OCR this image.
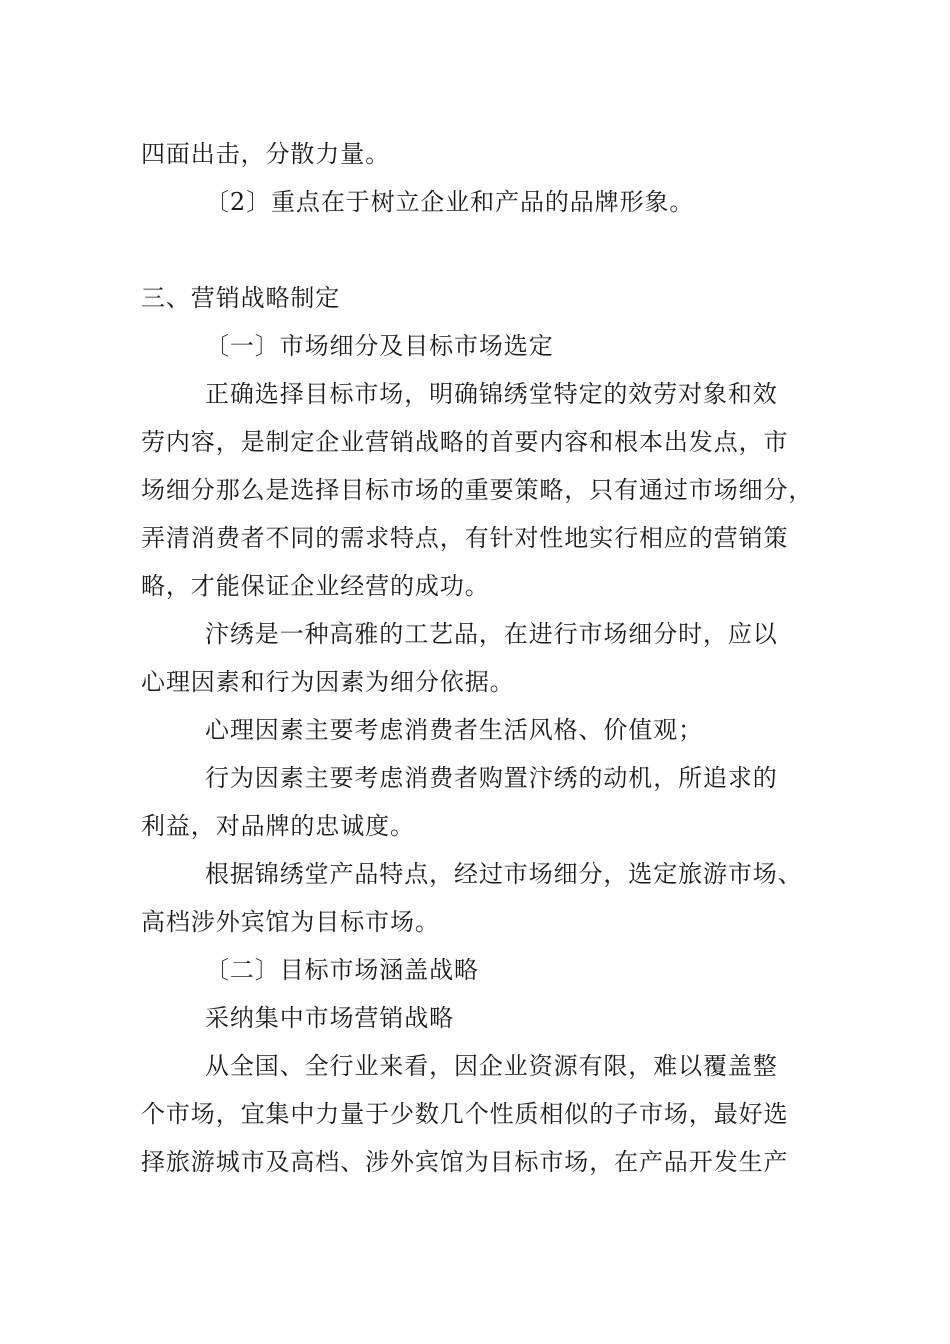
四面出击，分散力量。
〔2〕重点在于树立企业和产品的品牌形象。
三、营销战略制定
〔一〕市场细分及目标市场选定
正确选择目标市场，明确锦绣堂特定的效劳对象和效
劳内容，是制定企业营销战略的首要内容和根本出发点，市
场细分那么是选择目标市场的重要策略，只有通过市场细分，
弄清消费者不同的需求特点，有针对性地实行相应的营销策
略，才能保证企业经营的成功。
汴绣是一种高雅的工艺品，在进行市场细分时，应以
心理因素和行为因素为细分依据。
心理因素主要考虑消费者生活风格、价值观；
行为因素主要考虑消费者购置汴绣的动机，所追求的
利益，对品牌的忠诚度。
根据锦绣堂产品特点，经过市场细分，选定旅游市场、
高档涉外宾馆为目标市场。
〔二〕目标市场涵盖战略
采纳集中市场营销战略
从全国、全行业来看，因企业资源有限，难以覆盖整
个市场，宜集中力量于少数几个性质相似的子市场，最好选
择旅游城市及高档、涉外宾馆为目标市场，在产品开发生产
